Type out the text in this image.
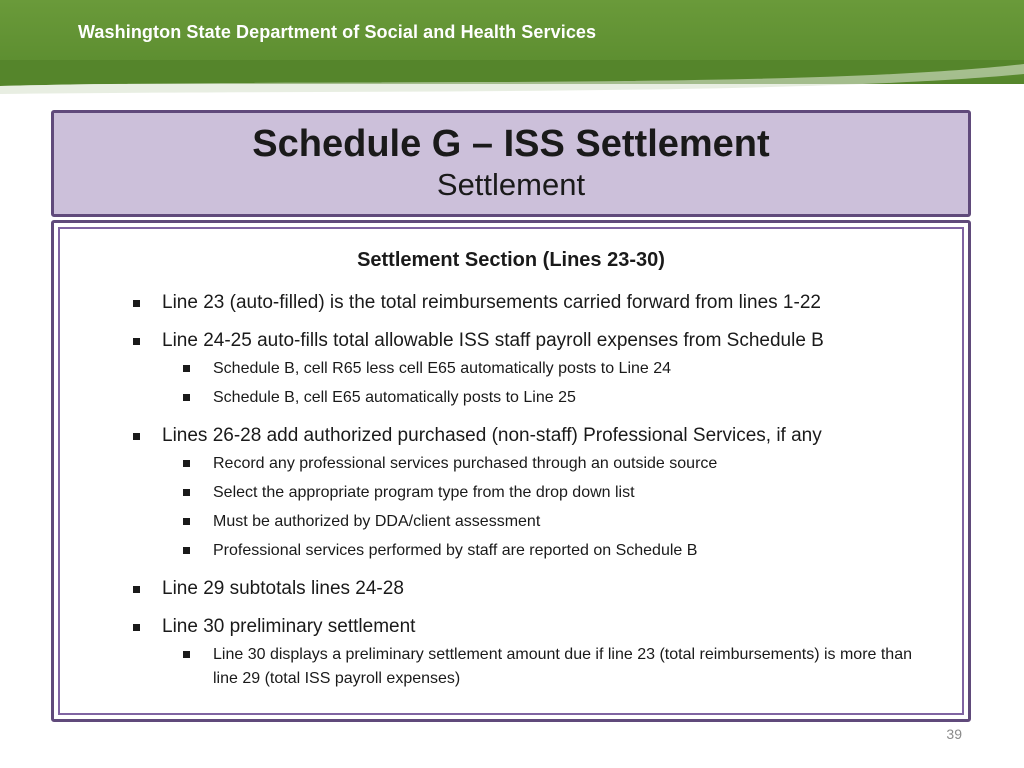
Washington State Department of Social and Health Services
Schedule G – ISS Settlement
Settlement
Settlement Section (Lines 23-30)
Line 23 (auto-filled) is the total reimbursements carried forward from lines 1-22
Line 24-25 auto-fills total allowable ISS staff payroll expenses from Schedule B
Schedule B, cell R65 less cell E65 automatically posts to Line 24
Schedule B, cell E65 automatically posts to Line 25
Lines 26-28 add authorized purchased (non-staff) Professional Services, if any
Record any professional services purchased through an outside source
Select the appropriate program type from the drop down list
Must be authorized by DDA/client assessment
Professional services performed by staff are reported on Schedule B
Line 29 subtotals lines 24-28
Line 30 preliminary settlement
Line 30 displays a preliminary settlement amount due if line 23 (total reimbursements) is more than line 29 (total ISS payroll expenses)
39
